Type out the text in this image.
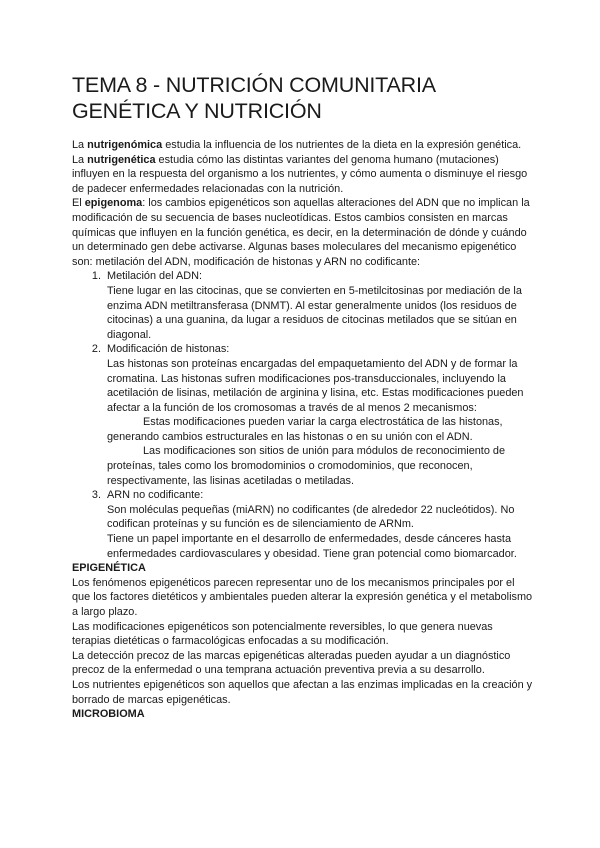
TEMA 8 - NUTRICIÓN COMUNITARIA
GENÉTICA Y NUTRICIÓN

La nutrigenómica estudia la influencia de los nutrientes de la dieta en la expresión genética.

La nutrigenética estudia cómo las distintas variantes del genoma humano (mutaciones) influyen en la respuesta del organismo a los nutrientes, y cómo aumenta o disminuye el riesgo de padecer enfermedades relacionadas con la nutrición.

El epigenoma: los cambios epigenéticos son aquellas alteraciones del ADN que no implican la modificación de su secuencia de bases nucleotídicas. Estos cambios consisten en marcas químicas que influyen en la función genética, es decir, en la determinación de dónde y cuándo un determinado gen debe activarse. Algunas bases moleculares del mecanismo epigenético son: metilación del ADN, modificación de histonas y ARN no codificante:

1. Metilación del ADN:

Tiene lugar en las citocinas, que se convierten en 5-metilcitosinas por mediación de la enzima ADN metiltransferasa (DNMT). Al estar generalmente unidos (los residuos de citocinas) a una guanina, da lugar a residuos de citocinas metilados que se sitúan en diagonal.

2. Modificación de histonas:

Las histonas son proteínas encargadas del empaquetamiento del ADN y de formar la cromatina. Las histonas sufren modificaciones pos-transduccionales, incluyendo la acetilación de lisinas, metilación de arginina y lisina, etc. Estas modificaciones pueden afectar a la función de los cromosomas a través de al menos 2 mecanismos:

Estas modificaciones pueden variar la carga electrostática de las histonas, generando cambios estructurales en las histonas o en su unión con el ADN.

Las modificaciones son sitios de unión para módulos de reconocimiento de proteínas, tales como los bromodominios o cromodominios, que reconocen, respectivamente, las lisinas acetiladas o metiladas.

3. ARN no codificante:

Son moléculas pequeñas (miARN) no codificantes (de alrededor 22 nucleótidos). No codifican proteínas y su función es de silenciamiento de ARNm.

Tiene un papel importante en el desarrollo de enfermedades, desde cánceres hasta enfermedades cardiovasculares y obesidad. Tiene gran potencial como biomarcador.

EPIGENÉTICA

Los fenómenos epigenéticos parecen representar uno de los mecanismos principales por el que los factores dietéticos y ambientales pueden alterar la expresión genética y el metabolismo a largo plazo.

Las modificaciones epigenéticos son potencialmente reversibles, lo que genera nuevas terapias dietéticas o farmacológicas enfocadas a su modificación.

La detección precoz de las marcas epigenéticas alteradas pueden ayudar a un diagnóstico precoz de la enfermedad o una temprana actuación preventiva previa a su desarrollo.

Los nutrientes epigenéticos son aquellos que afectan a las enzimas implicadas en la creación y borrado de marcas epigenéticas.

MICROBIOMA
